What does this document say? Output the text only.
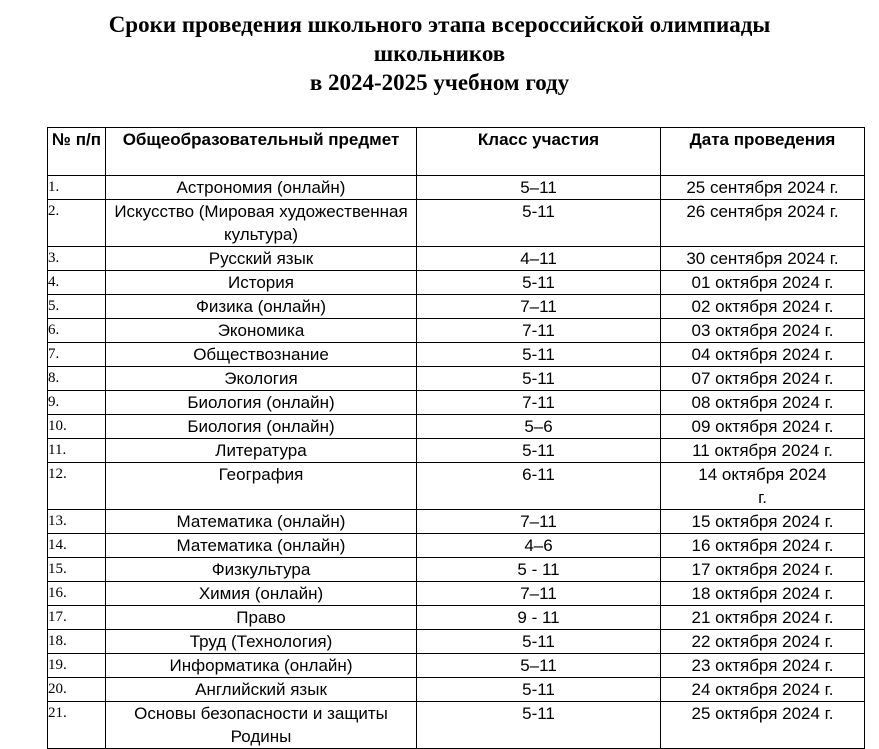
Сроки проведения школьного этапа всероссийской олимпиады
школьников
в 2024-2025 учебном году
№ п/п	Общеобразовательный предмет	Класс участия	Дата проведения
1.	Астрономия (онлайн)	5–11	25 сентября 2024 г.
2.	Искусство (Мировая художественная культура)	5-11	26 сентября 2024 г.
3.	Русский язык	4–11	30 сентября 2024 г.
4.	История	5-11	01 октября 2024 г.
5.	Физика (онлайн)	7–11	02 октября 2024 г.
6.	Экономика	7-11	03 октября 2024 г.
7.	Обществознание	5-11	04 октября 2024 г.
8.	Экология	5-11	07 октября 2024 г.
9.	Биология (онлайн)	7-11	08 октября 2024 г.
10.	Биология (онлайн)	5–6	09 октября 2024 г.
11.	Литература	5-11	11 октября 2024 г.
12.	География	6-11	14 октября 2024 г.
13.	Математика (онлайн)	7–11	15 октября 2024 г.
14.	Математика (онлайн)	4–6	16 октября 2024 г.
15.	Физкультура	5 - 11	17 октября 2024 г.
16.	Химия (онлайн)	7–11	18 октября 2024 г.
17.	Право	9 - 11	21 октября 2024 г.
18.	Труд (Технология)	5-11	22 октября 2024 г.
19.	Информатика (онлайн)	5–11	23 октября 2024 г.
20.	Английский язык	5-11	24 октября 2024 г.
21.	Основы безопасности и защиты Родины	5-11	25 октября 2024 г.
